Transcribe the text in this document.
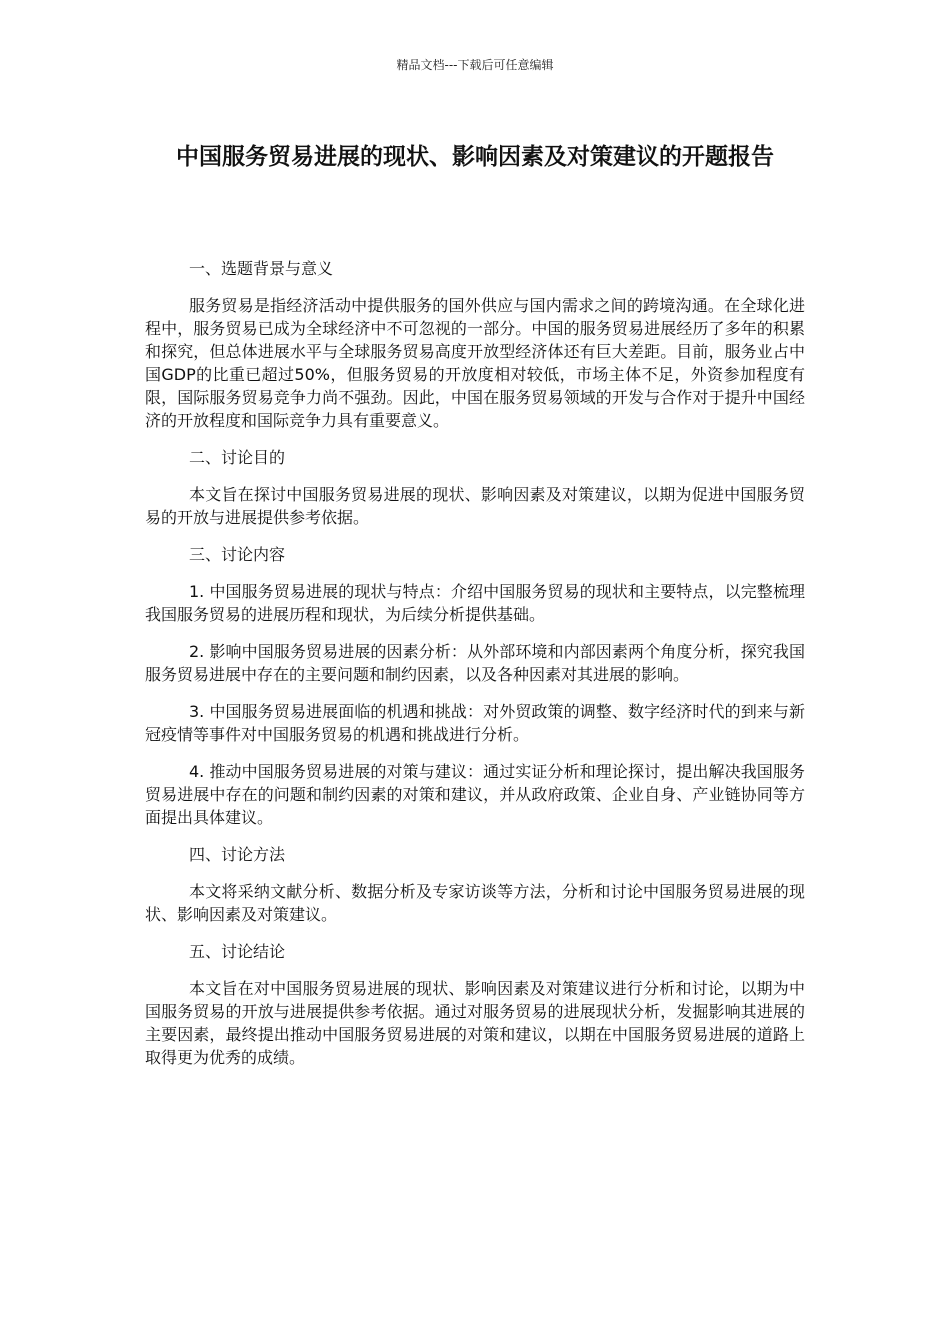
精品文档---下载后可任意编辑
中国服务贸易进展的现状、影响因素及对策建议的开题报告

一、选题背景与意义

服务贸易是指经济活动中提供服务的国外供应与国内需求之间的跨境沟通。在全球化进程中，服务贸易已成为全球经济中不可忽视的一部分。中国的服务贸易进展经历了多年的积累和探究，但总体进展水平与全球服务贸易高度开放型经济体还有巨大差距。目前，服务业占中国GDP的比重已超过50%，但服务贸易的开放度相对较低，市场主体不足，外资参加程度有限，国际服务贸易竞争力尚不强劲。因此，中国在服务贸易领域的开发与合作对于提升中国经济的开放程度和国际竞争力具有重要意义。

二、讨论目的

本文旨在探讨中国服务贸易进展的现状、影响因素及对策建议，以期为促进中国服务贸易的开放与进展提供参考依据。

三、讨论内容

1. 中国服务贸易进展的现状与特点：介绍中国服务贸易的现状和主要特点，以完整梳理我国服务贸易的进展历程和现状，为后续分析提供基础。

2. 影响中国服务贸易进展的因素分析：从外部环境和内部因素两个角度分析，探究我国服务贸易进展中存在的主要问题和制约因素，以及各种因素对其进展的影响。

3. 中国服务贸易进展面临的机遇和挑战：对外贸政策的调整、数字经济时代的到来与新冠疫情等事件对中国服务贸易的机遇和挑战进行分析。

4. 推动中国服务贸易进展的对策与建议：通过实证分析和理论探讨，提出解决我国服务贸易进展中存在的问题和制约因素的对策和建议，并从政府政策、企业自身、产业链协同等方面提出具体建议。

四、讨论方法

本文将采纳文献分析、数据分析及专家访谈等方法，分析和讨论中国服务贸易进展的现状、影响因素及对策建议。

五、讨论结论

本文旨在对中国服务贸易进展的现状、影响因素及对策建议进行分析和讨论，以期为中国服务贸易的开放与进展提供参考依据。通过对服务贸易的进展现状分析，发掘影响其进展的主要因素，最终提出推动中国服务贸易进展的对策和建议，以期在中国服务贸易进展的道路上取得更为优秀的成绩。
